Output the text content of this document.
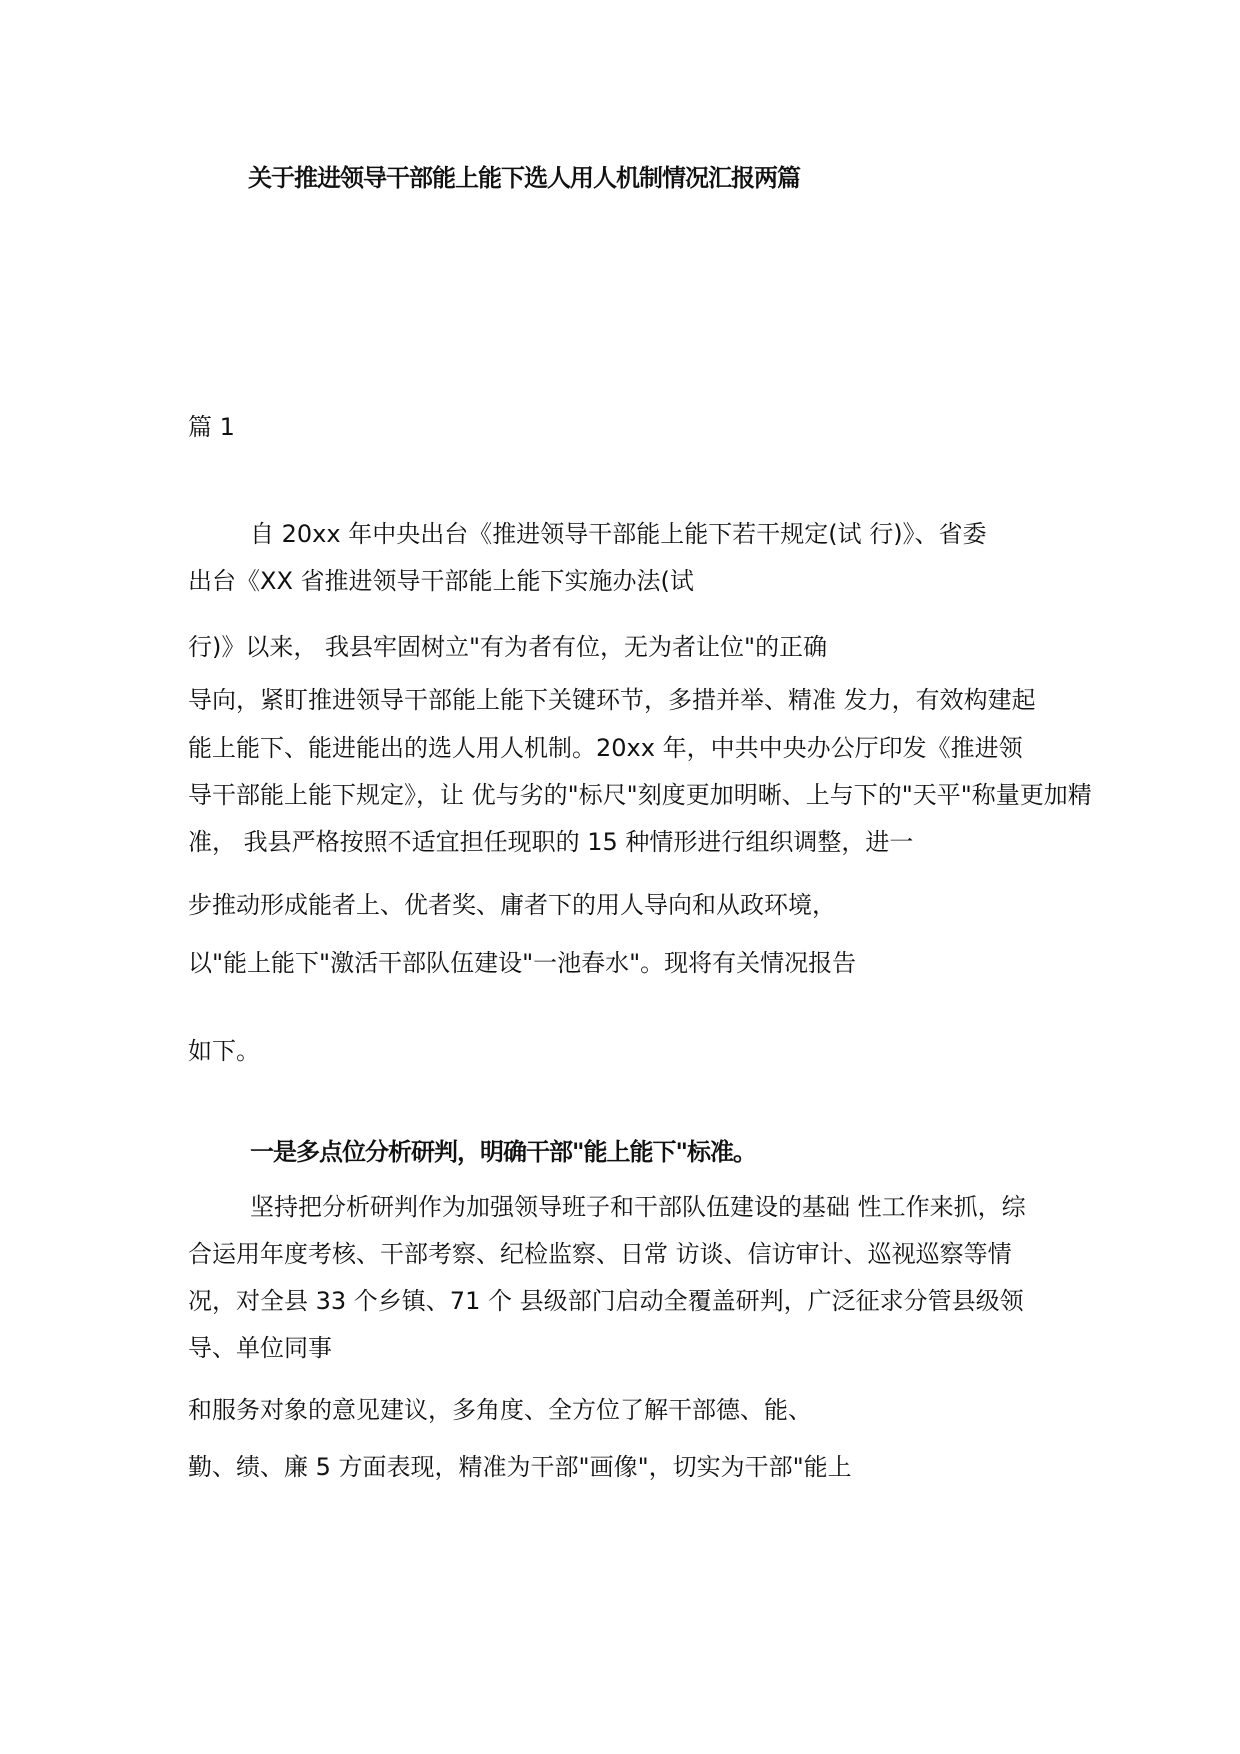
关于推进领导干部能上能下选人用人机制情况汇报两篇
篇 1
自 20xx 年中央出台《推进领导干部能上能下若干规定(试 行)》、省委
出台《XX 省推进领导干部能上能下实施办法(试
行)》以来， 我县牢固树立"有为者有位，无为者让位"的正确
导向，紧盯推进领导干部能上能下关键环节，多措并举、精准 发力，有效构建起
能上能下、能进能出的选人用人机制。20xx 年，中共中央办公厅印发《推进领
导干部能上能下规定》，让 优与劣的"标尺"刻度更加明晰、上与下的"天平"称量更加精
准， 我县严格按照不适宜担任现职的 15 种情形进行组织调整，进一
步推动形成能者上、优者奖、庸者下的用人导向和从政环境，
以"能上能下"激活干部队伍建设"一池春水"。现将有关情况报告
如下。
一是多点位分析研判，明确干部"能上能下"标准。
坚持把分析研判作为加强领导班子和干部队伍建设的基础 性工作来抓，综
合运用年度考核、干部考察、纪检监察、日常 访谈、信访审计、巡视巡察等情
况，对全县 33 个乡镇、71 个 县级部门启动全覆盖研判，广泛征求分管县级领
导、单位同事
和服务对象的意见建议，多角度、全方位了解干部德、能、
勤、绩、廉 5 方面表现，精准为干部"画像"，切实为干部"能上
